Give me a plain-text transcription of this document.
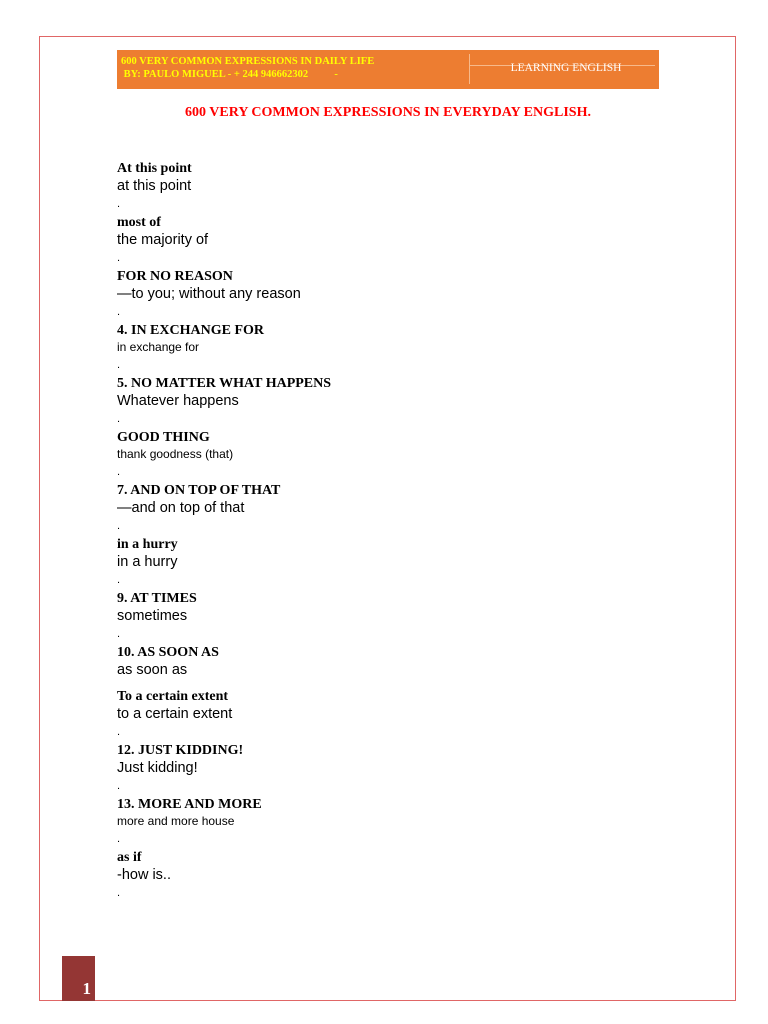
600 VERY COMMON EXPRESSIONS IN DAILY LIFE
BY: PAULO MIGUEL - + 244 946662302          -
LEARNING ENGLISH
600 VERY COMMON EXPRESSIONS IN EVERYDAY ENGLISH.
At this point
at this point
.
most of
the majority of
.
FOR NO REASON
—to you; without any reason
.
4. IN EXCHANGE FOR
in exchange for
.
5. NO MATTER WHAT HAPPENS
Whatever happens
.
GOOD THING
thank goodness (that)
.
7. AND ON TOP OF THAT
—and on top of that
.
in a hurry
in a hurry
.
9. AT TIMES
sometimes
.
10. AS SOON AS
as soon as
To a certain extent
to a certain extent
.
12. JUST KIDDING!
Just kidding!
.
13. MORE AND MORE
more and more house
.
as if
-how is..
.
1
